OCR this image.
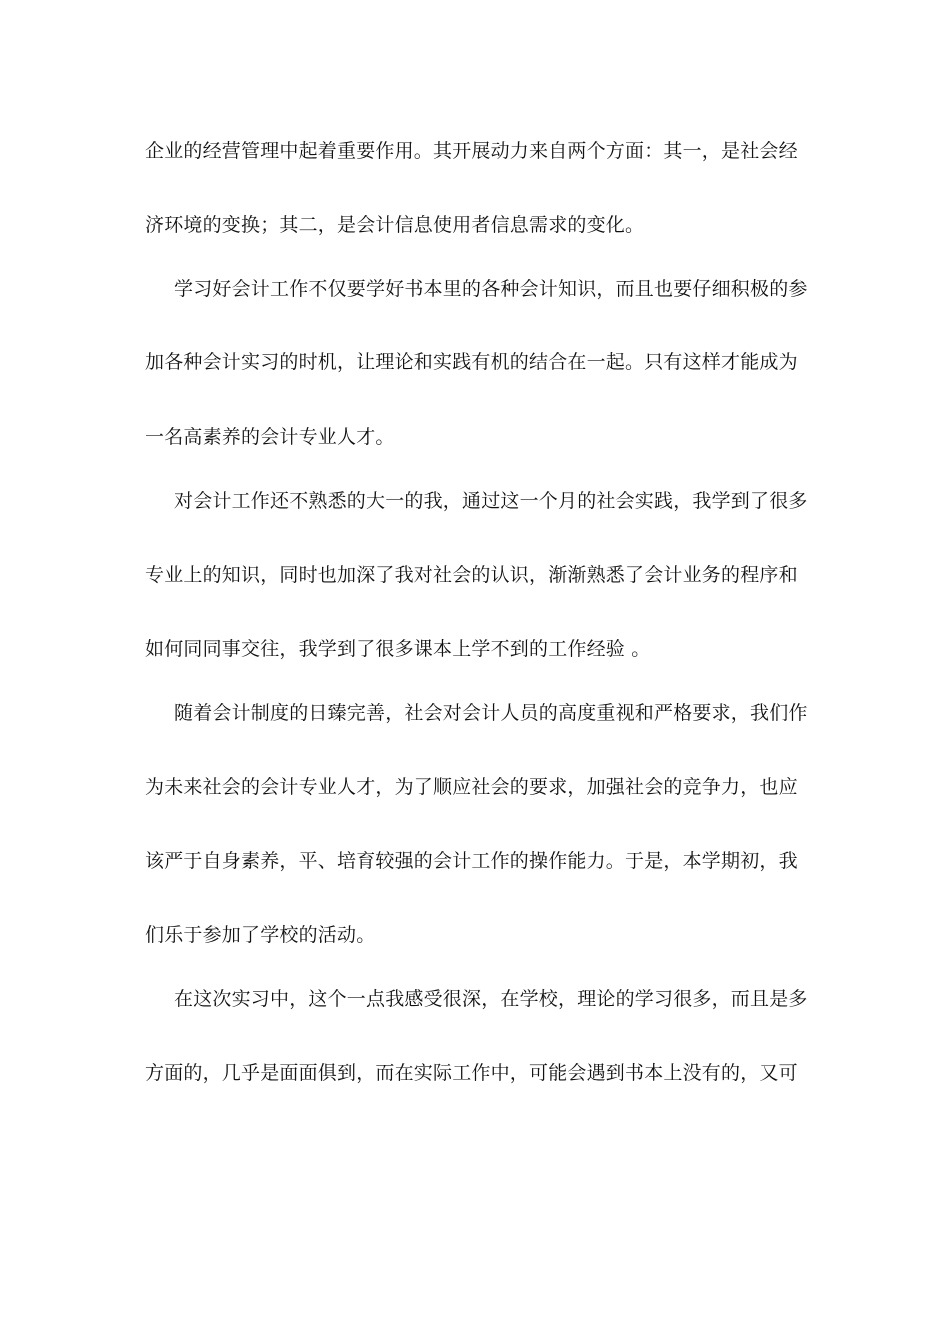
企业的经营管理中起着重要作用。其开展动力来自两个方面：其一，是社会经
济环境的变换；其二，是会计信息使用者信息需求的变化。
学习好会计工作不仅要学好书本里的各种会计知识，而且也要仔细积极的参
加各种会计实习的时机，让理论和实践有机的结合在一起。只有这样才能成为
一名高素养的会计专业人才。
对会计工作还不熟悉的大一的我，通过这一个月的社会实践，我学到了很多
专业上的知识，同时也加深了我对社会的认识，渐渐熟悉了会计业务的程序和
如何同同事交往，我学到了很多课本上学不到的工作经验 。
随着会计制度的日臻完善，社会对会计人员的高度重视和严格要求，我们作
为未来社会的会计专业人才，为了顺应社会的要求，加强社会的竞争力，也应
该严于自身素养，平、培育较强的会计工作的操作能力。于是，本学期初，我
们乐于参加了学校的活动。
在这次实习中，这个一点我感受很深，在学校，理论的学习很多，而且是多
方面的，几乎是面面俱到，而在实际工作中，可能会遇到书本上没有的，又可
